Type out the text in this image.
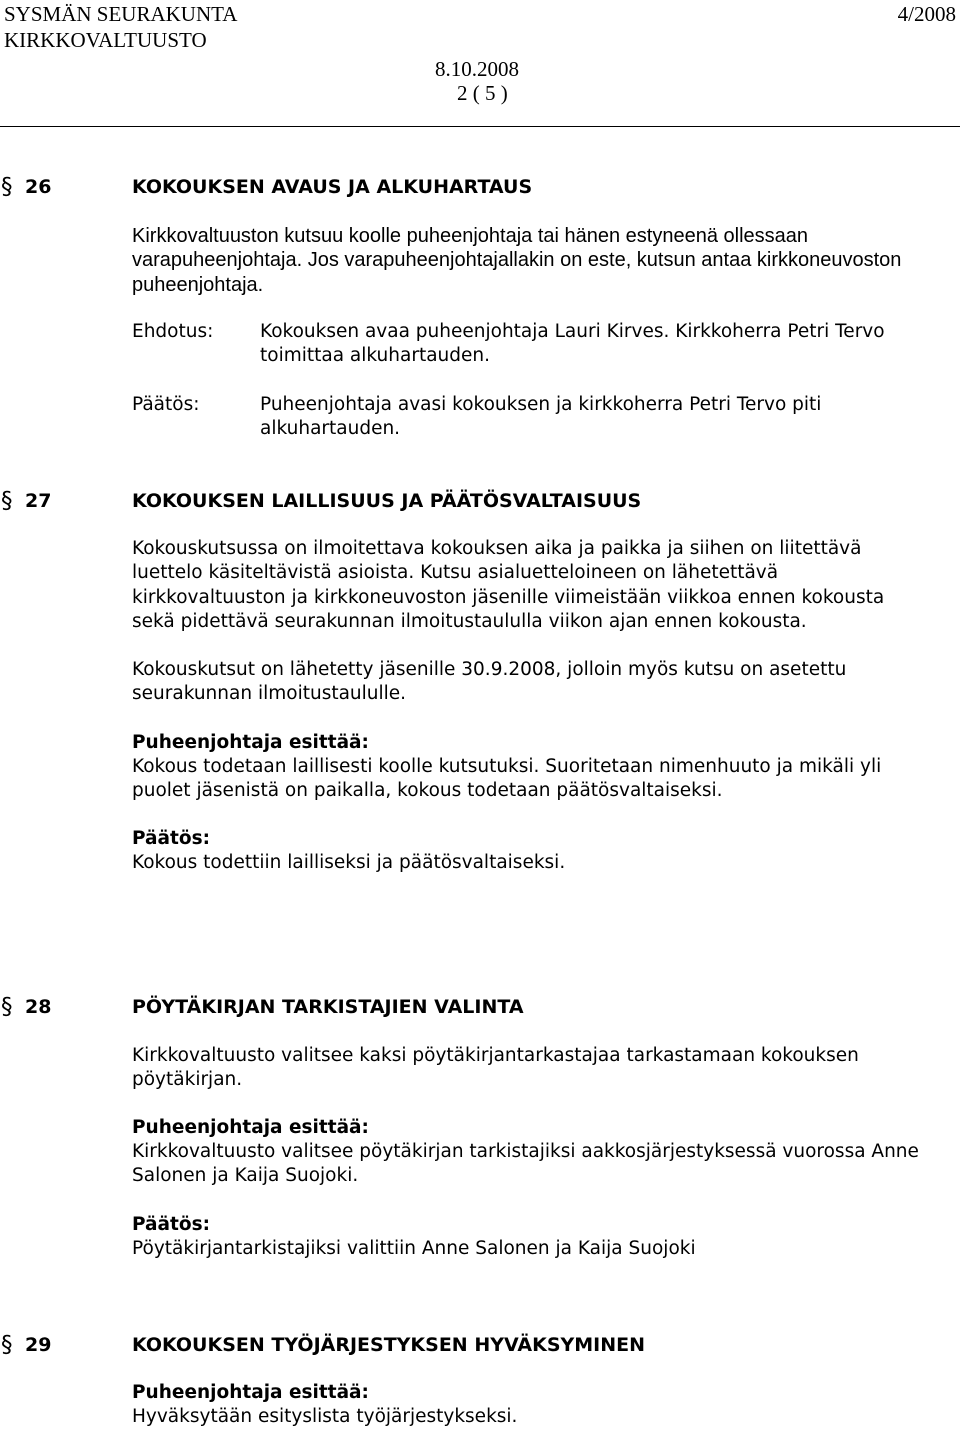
SYSMÄN SEURAKUNTA
KIRKKOVALTUUSTO
4/2008
8.10.2008
2 ( 5 )
§ 26	KOKOUKSEN AVAUS JA ALKUHARTAUS

Kirkkovaltuuston kutsuu koolle puheenjohtaja tai hänen estyneenä ollessaan varapuheenjohtaja. Jos varapuheenjohtajallakin on este, kutsun antaa kirkkoneuvoston puheenjohtaja.

Ehdotus:	Kokouksen avaa puheenjohtaja Lauri Kirves. Kirkkoherra Petri Tervo toimittaa alkuhartauden.

Päätös:	Puheenjohtaja avasi kokouksen ja kirkkoherra Petri Tervo piti alkuhartauden.

§ 27	KOKOUKSEN LAILLISUUS JA PÄÄTÖSVALTAISUUS

Kokouskutsussa on ilmoitettava kokouksen aika ja paikka ja siihen on liitettävä luettelo käsiteltävistä asioista. Kutsu asialuetteloineen on lähetettävä kirkkovaltuuston ja kirkkoneuvoston jäsenille viimeistään viikkoa ennen kokousta sekä pidettävä seurakunnan ilmoitustaululla viikon ajan ennen kokousta.

Kokouskutsut on lähetetty jäsenille 30.9.2008, jolloin myös kutsu on asetettu seurakunnan ilmoitustaululle.

Puheenjohtaja esittää:

Kokous todetaan laillisesti koolle kutsutuksi. Suoritetaan nimenhuuto ja mikäli yli puolet jäsenistä on paikalla, kokous todetaan päätösvaltaiseksi.

Päätös:

Kokous todettiin lailliseksi ja päätösvaltaiseksi.

§ 28	PÖYTÄKIRJAN TARKISTAJIEN VALINTA

Kirkkovaltuusto valitsee kaksi pöytäkirjantarkastajaa tarkastamaan kokouksen pöytäkirjan.

Puheenjohtaja esittää:

Kirkkovaltuusto valitsee pöytäkirjan tarkistajiksi aakkosjärjestyksessä vuorossa Anne Salonen ja Kaija Suojoki.

Päätös:

Pöytäkirjantarkistajiksi valittiin Anne Salonen ja Kaija Suojoki

§ 29	KOKOUKSEN TYÖJÄRJESTYKSEN HYVÄKSYMINEN
Puheenjohtaja esittää:

Hyväksytään esityslista työjärjestykseksi.
